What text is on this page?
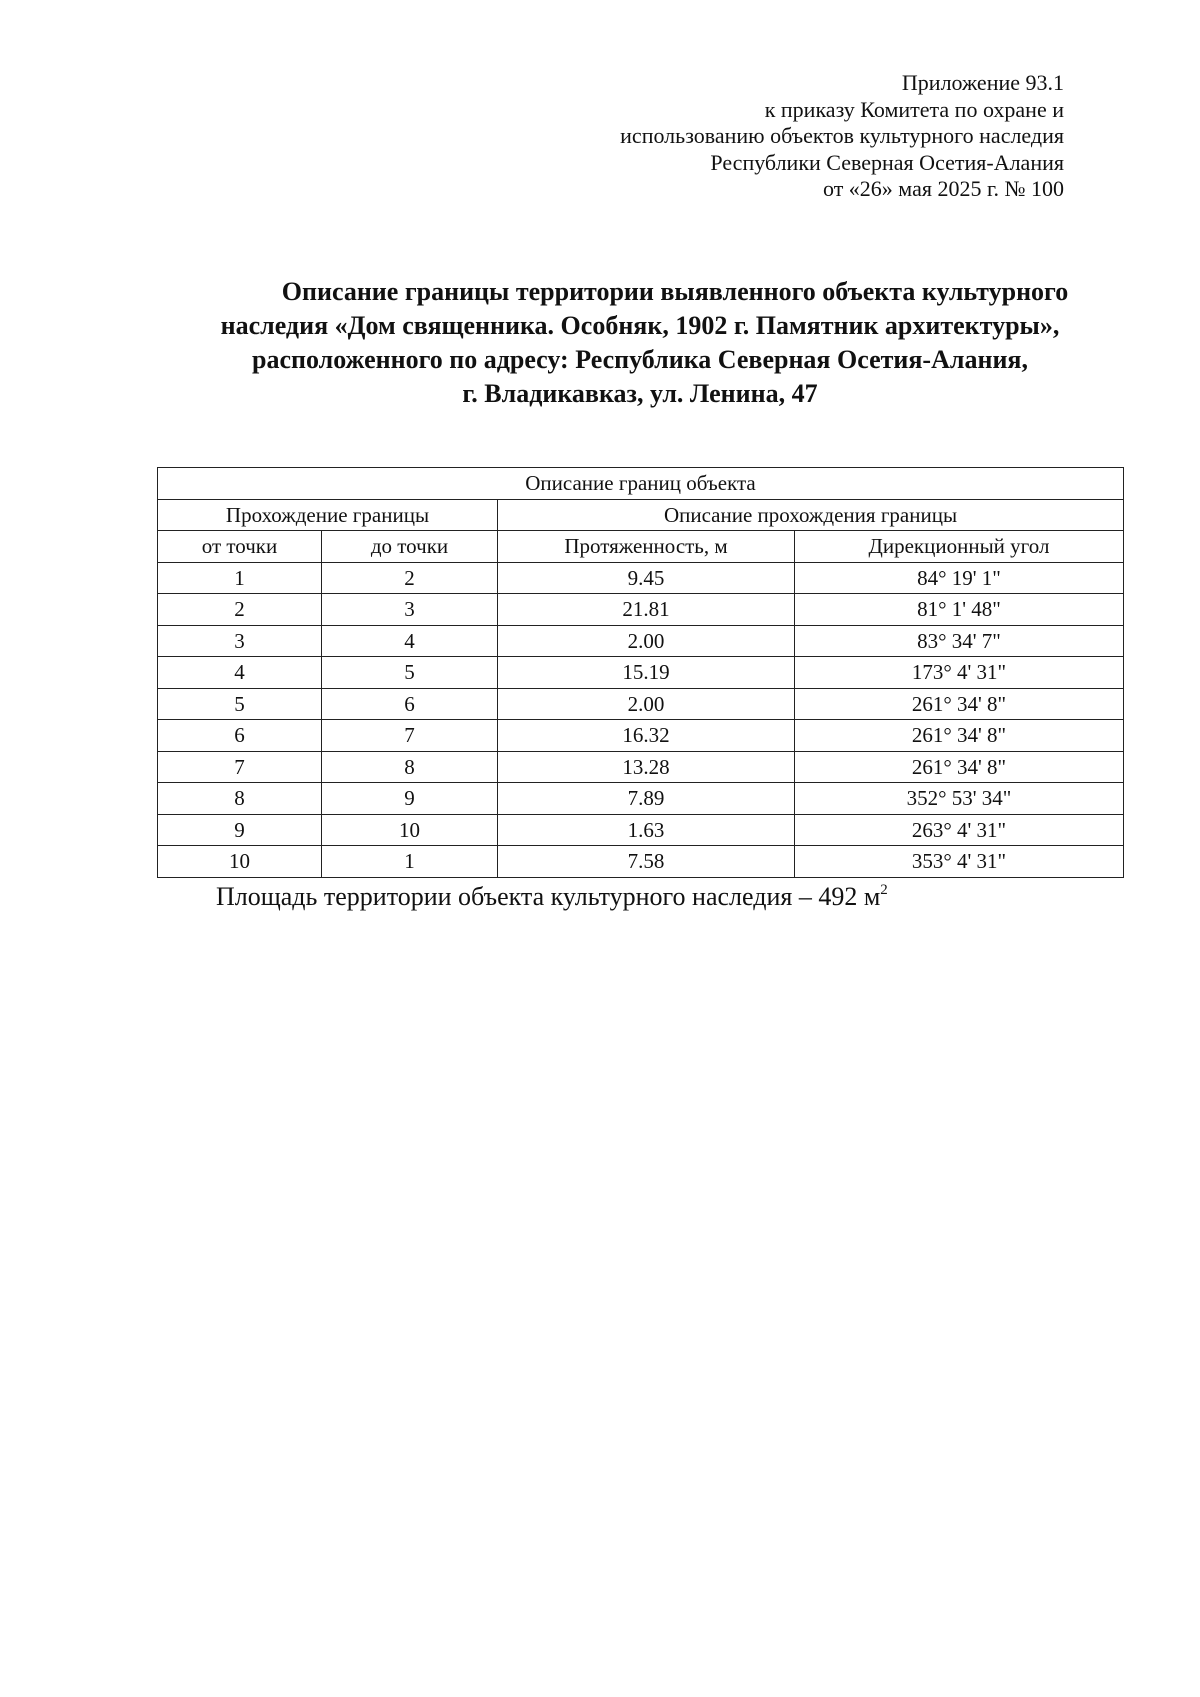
Приложение 93.1
к приказу Комитета по охране и
использованию объектов культурного наследия
Республики Северная Осетия-Алания
от «26» мая 2025 г. № 100
Описание границы территории выявленного объекта культурного
наследия «Дом священника. Особняк, 1902 г. Памятник архитектуры»,
расположенного по адресу: Республика Северная Осетия-Алания,
г. Владикавказ, ул. Ленина, 47
Описание границ объекта			
Прохождение границы		Описание прохождения границы	
от точки	до точки	Протяженность, м	Дирекционный угол
1	2	9.45	84° 19' 1"
2	3	21.81	81° 1' 48"
3	4	2.00	83° 34' 7"
4	5	15.19	173° 4' 31"
5	6	2.00	261° 34' 8"
6	7	16.32	261° 34' 8"
7	8	13.28	261° 34' 8"
8	9	7.89	352° 53' 34"
9	10	1.63	263° 4' 31"
10	1	7.58	353° 4' 31"
Площадь территории объекта культурного наследия – 492 $м^2$
